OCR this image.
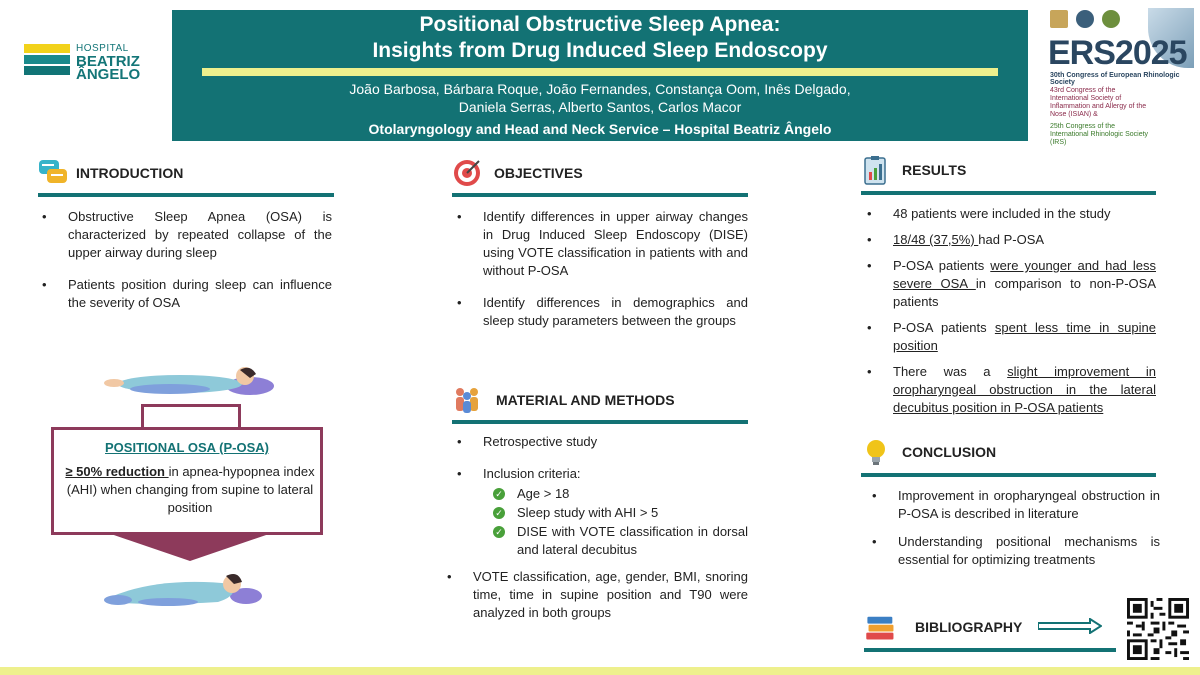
HOSPITAL
BEATRIZ
ÂNGELO
Positional Obstructive Sleep Apnea:
Insights from Drug Induced Sleep Endoscopy
João Barbosa, Bárbara Roque, João Fernandes, Constança Oom, Inês Delgado,
Daniela Serras, Alberto Santos, Carlos Macor
Otolaryngology and Head and Neck Service – Hospital Beatriz Ângelo
ERS2025
30th Congress of European Rhinologic Society
43rd Congress of the International Society of Inflammation and Allergy of the Nose (ISIAN) &
25th Congress of the International Rhinologic Society (IRS)
INTRODUCTION
• Obstructive Sleep Apnea (OSA) is characterized by repeated collapse of the upper airway during sleep
• Patients position during sleep can influence the severity of OSA
POSITIONAL OSA (P-OSA)
≥ 50% reduction in apnea-hypopnea index (AHI) when changing from supine to lateral position
OBJECTIVES
• Identify differences in upper airway changes in Drug Induced Sleep Endoscopy (DISE) using VOTE classification in patients with and without P-OSA
• Identify differences in demographics and sleep study parameters between the groups
MATERIAL AND METHODS
• Retrospective study
• Inclusion criteria:
✓ Age > 18
✓ Sleep study with AHI > 5
✓ DISE with VOTE classification in dorsal and lateral decubitus
• VOTE classification, age, gender, BMI, snoring time, time in supine position and T90 were analyzed in both groups
RESULTS
• 48 patients were included in the study
• 18/48 (37,5%) had P-OSA
• P-OSA patients were younger and had less severe OSA in comparison to non-P-OSA patients
• P-OSA patients spent less time in supine position
• There was a slight improvement in oropharyngeal obstruction in the lateral decubitus position in P-OSA patients
CONCLUSION
• Improvement in oropharyngeal obstruction in P-OSA is described in literature
• Understanding positional mechanisms is essential for optimizing treatments
BIBLIOGRAPHY
